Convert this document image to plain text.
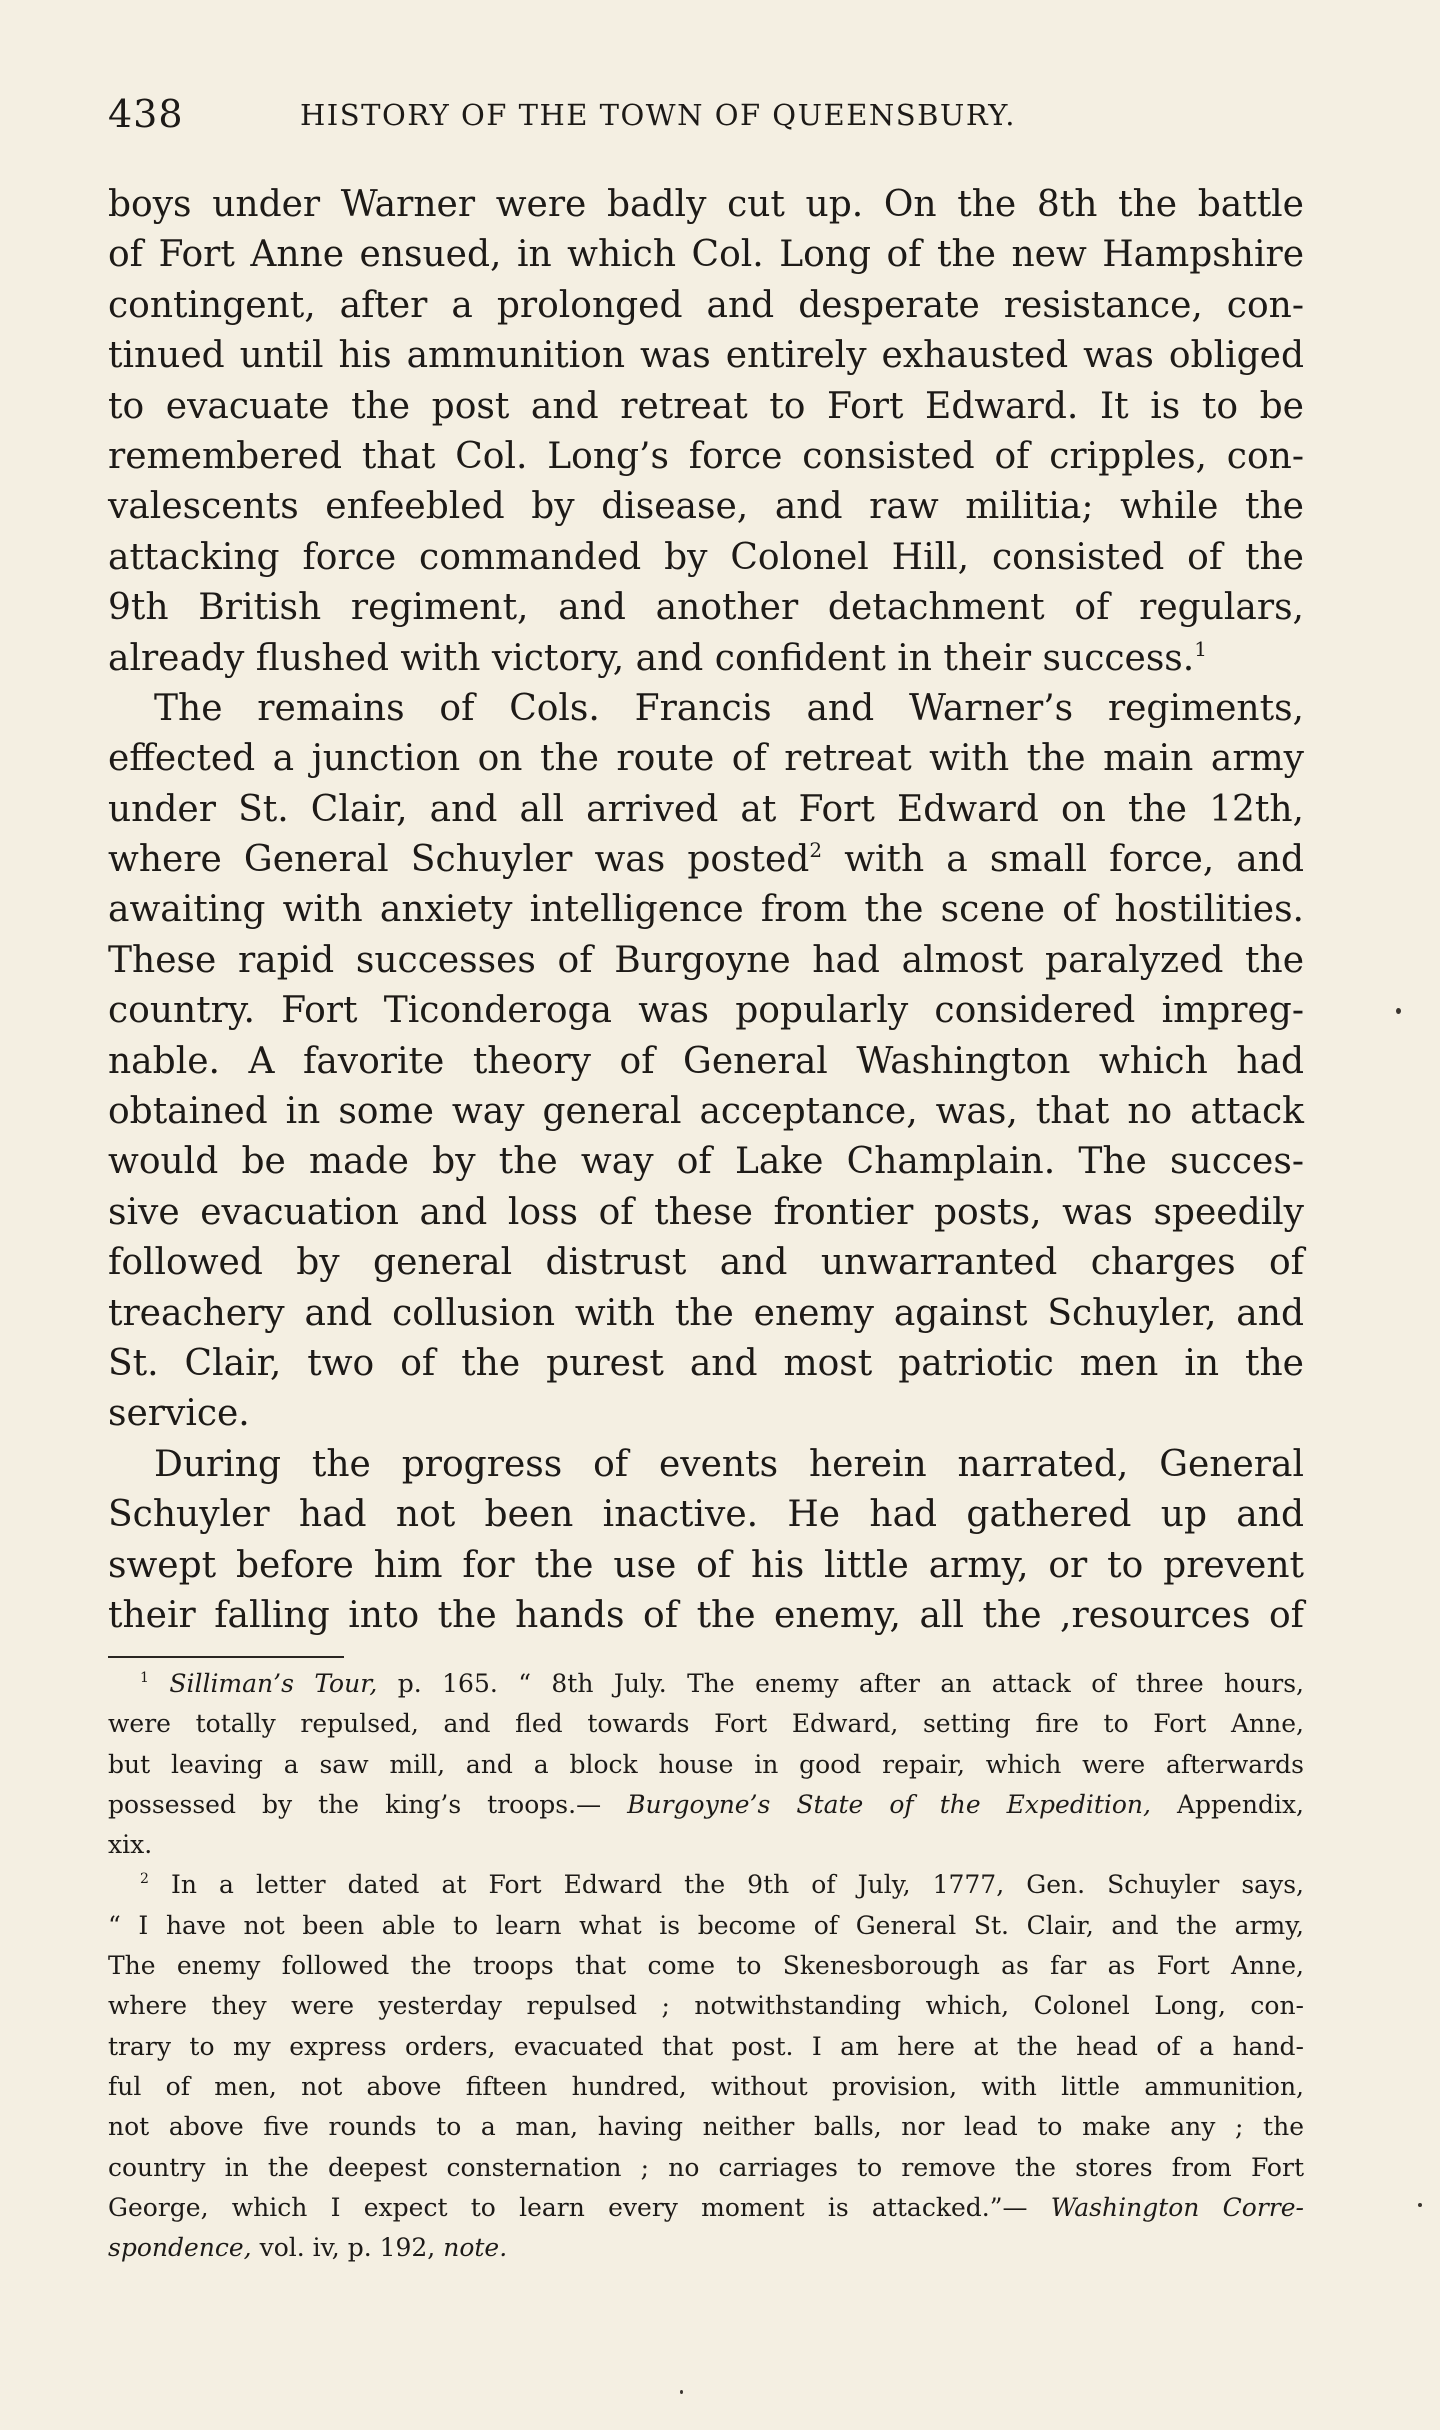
438	HISTORY OF THE TOWN OF QUEENSBURY.
boys under Warner were badly cut up. On the 8th the battle
of Fort Anne ensued, in which Col. Long of the new Hampshire
contingent, after a prolonged and desperate resistance, con-
tinued until his ammunition was entirely exhausted was obliged
to evacuate the post and retreat to Fort Edward. It is to be
remembered that Col. Long’s force consisted of cripples, con-
valescents enfeebled by disease, and raw militia; while the
attacking force commanded by Colonel Hill, consisted of the
9th British regiment, and another detachment of regulars,
already flushed with victory, and confident in their success.$^1$
The remains of Cols. Francis and Warner’s regiments,
effected a junction on the route of retreat with the main army
under St. Clair, and all arrived at Fort Edward on the 12th,
where General Schuyler was posted$^2$ with a small force, and
awaiting with anxiety intelligence from the scene of hostilities.
These rapid successes of Burgoyne had almost paralyzed the
country. Fort Ticonderoga was popularly considered impreg-
nable. A favorite theory of General Washington which had
obtained in some way general acceptance, was, that no attack
would be made by the way of Lake Champlain. The succes-
sive evacuation and loss of these frontier posts, was speedily
followed by general distrust and unwarranted charges of
treachery and collusion with the enemy against Schuyler, and
St. Clair, two of the purest and most patriotic men in the
service.
During the progress of events herein narrated, General
Schuyler had not been inactive. He had gathered up and
swept before him for the use of his little army, or to prevent
their falling into the hands of the enemy, all the ,resources of
$^1$ Silliman’s Tour, p. 165. “ 8th July. The enemy after an attack of three hours,
were totally repulsed, and fled towards Fort Edward, setting fire to Fort Anne,
but leaving a saw mill, and a block house in good repair, which were afterwards
possessed by the king’s troops.— Burgoyne’s State of the Expedition, Appendix,
xix.
$^2$ In a letter dated at Fort Edward the 9th of July, 1777, Gen. Schuyler says,
“ I have not been able to learn what is become of General St. Clair, and the army,
The enemy followed the troops that come to Skenesborough as far as Fort Anne,
where they were yesterday repulsed ; notwithstanding which, Colonel Long, con-
trary to my express orders, evacuated that post. I am here at the head of a hand-
ful of men, not above fifteen hundred, without provision, with little ammunition,
not above five rounds to a man, having neither balls, nor lead to make any ; the
country in the deepest consternation ; no carriages to remove the stores from Fort
George, which I expect to learn every moment is attacked.”— Washington Corre-
spondence, vol. iv, p. 192, note.
